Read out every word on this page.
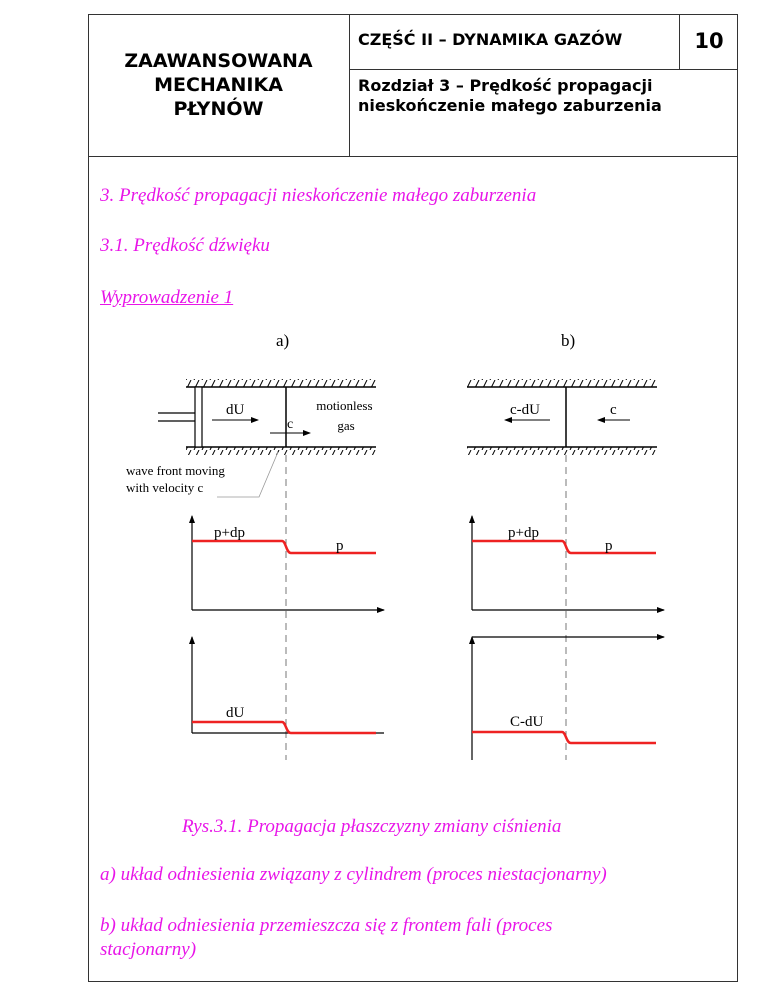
ZAAWANSOWANA
MECHANIKA
PŁYNÓW
CZĘŚĆ II – DYNAMIKA GAZÓW	10
Rozdział 3 – Prędkość propagacji
nieskończenie małego zaburzenia
3. Prędkość propagacji nieskończenie małego zaburzenia
3.1. Prędkość dźwięku
Wyprowadzenie 1
a)	b)
dU
c
motionless gas
wave front moving with velocity c
c-dU	c
p+dp
p
p+dp
p
dU
C-dU
Rys.3.1. Propagacja płaszczyzny zmiany ciśnienia
a) układ odniesienia związany z cylindrem (proces niestacjonarny)
b) układ odniesienia przemieszcza się z frontem fali (proces
stacjonarny)
